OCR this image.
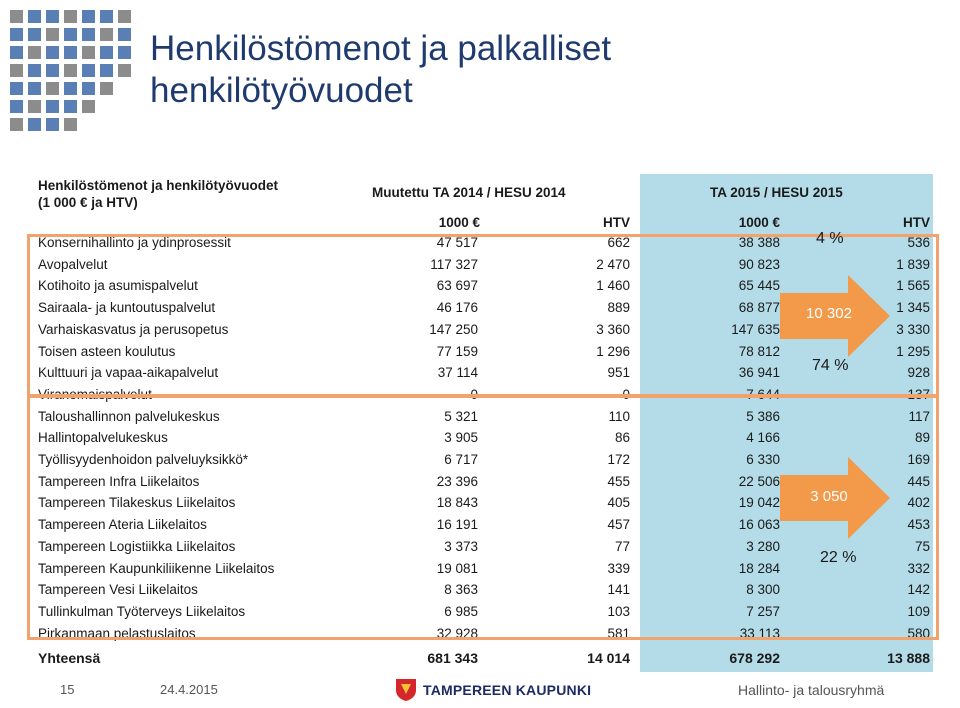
Henkilöstömenot ja palkalliset
henkilötyövuodet
Henkilöstömenot ja henkilötyövuodet
(1 000 € ja HTV)
Muutettu TA 2014 / HESU 2014	TA 2015 / HESU 2015
1000 €	HTV	1000 €	HTV
Konsernihallinto ja ydinprosessit	47 517	662	38 388	536
Avopalvelut	117 327	2 470	90 823	1 839
Kotihoito ja asumispalvelut	63 697	1 460	65 445	1 565
Sairaala- ja kuntoutuspalvelut	46 176	889	68 877	1 345
Varhaiskasvatus ja perusopetus	147 250	3 360	147 635	3 330
Toisen asteen koulutus	77 159	1 296	78 812	1 295
Kulttuuri ja vapaa-aikapalvelut	37 114	951	36 941	928
Viranomaispalvelut	0	0	7 644	137
Taloushallinnon palvelukeskus	5 321	110	5 386	117
Hallintopalvelukeskus	3 905	86	4 166	89
Työllisyydenhoidon palveluyksikkö*	6 717	172	6 330	169
Tampereen Infra Liikelaitos	23 396	455	22 506	445
Tampereen Tilakeskus Liikelaitos	18 843	405	19 042	402
Tampereen Ateria Liikelaitos	16 191	457	16 063	453
Tampereen Logistiikka Liikelaitos	3 373	77	3 280	75
Tampereen Kaupunkiliikenne Liikelaitos	19 081	339	18 284	332
Tampereen Vesi Liikelaitos	8 363	141	8 300	142
Tullinkulman Työterveys Liikelaitos	6 985	103	7 257	109
Pirkanmaan pelastuslaitos	32 928	581	33 113	580
Yhteensä	681 343	14 014	678 292	13 888
10 302
3 050
4 %
74 %
22 %
15	24.4.2015	TAMPEREEN KAUPUNKI	Hallinto- ja talousryhmä
